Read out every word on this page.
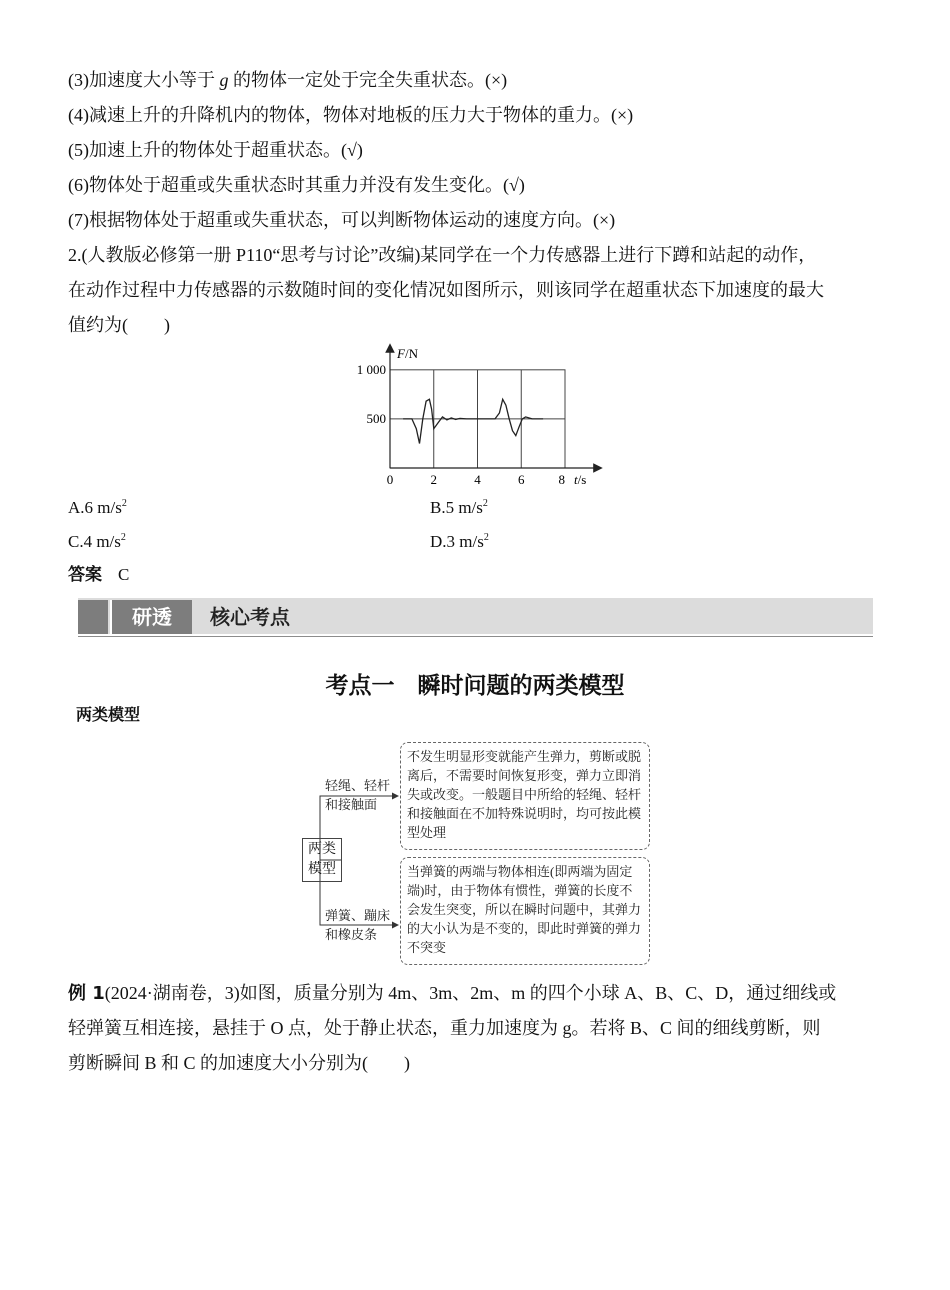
(3)加速度大小等于 g 的物体一定处于完全失重状态。(×)
(4)减速上升的升降机内的物体，物体对地板的压力大于物体的重力。(×)
(5)加速上升的物体处于超重状态。(√)
(6)物体处于超重或失重状态时其重力并没有发生变化。(√)
(7)根据物体处于超重或失重状态，可以判断物体运动的速度方向。(×)
2.(人教版必修第一册 P110“思考与讨论”改编)某同学在一个力传感器上进行下蹲和站起的动作，
在动作过程中力传感器的示数随时间的变化情况如图所示，则该同学在超重状态下加速度的最大
值约为(　　)
F/N
t/s
0	2	4	6	8
500
1 000
A.6 $m/s^2$	B.5 $m/s^2$
C.4 $m/s^2$	D.3 $m/s^2$
答案 C
研透	核心考点
考点一　瞬时问题的两类模型
两类模型
两类
模型
轻绳、轻杆
和接触面
弹簧、蹦床
和橡皮条
不发生明显形变就能产生弹力，剪断或脱离后，不需要时间恢复形变，弹力立即消失或改变。一般题目中所给的轻绳、轻杆和接触面在不加特殊说明时，均可按此模型处理
当弹簧的两端与物体相连(即两端为固定端)时，由于物体有惯性，弹簧的长度不会发生突变，所以在瞬时问题中，其弹力的大小认为是不变的，即此时弹簧的弹力不突变
例 1(2024·湖南卷，3)如图，质量分别为 4m、3m、2m、m 的四个小球 A、B、C、D，通过细线或
轻弹簧互相连接，悬挂于 O 点，处于静止状态，重力加速度为 g。若将 B、C 间的细线剪断，则
剪断瞬间 B 和 C 的加速度大小分别为(　　)
